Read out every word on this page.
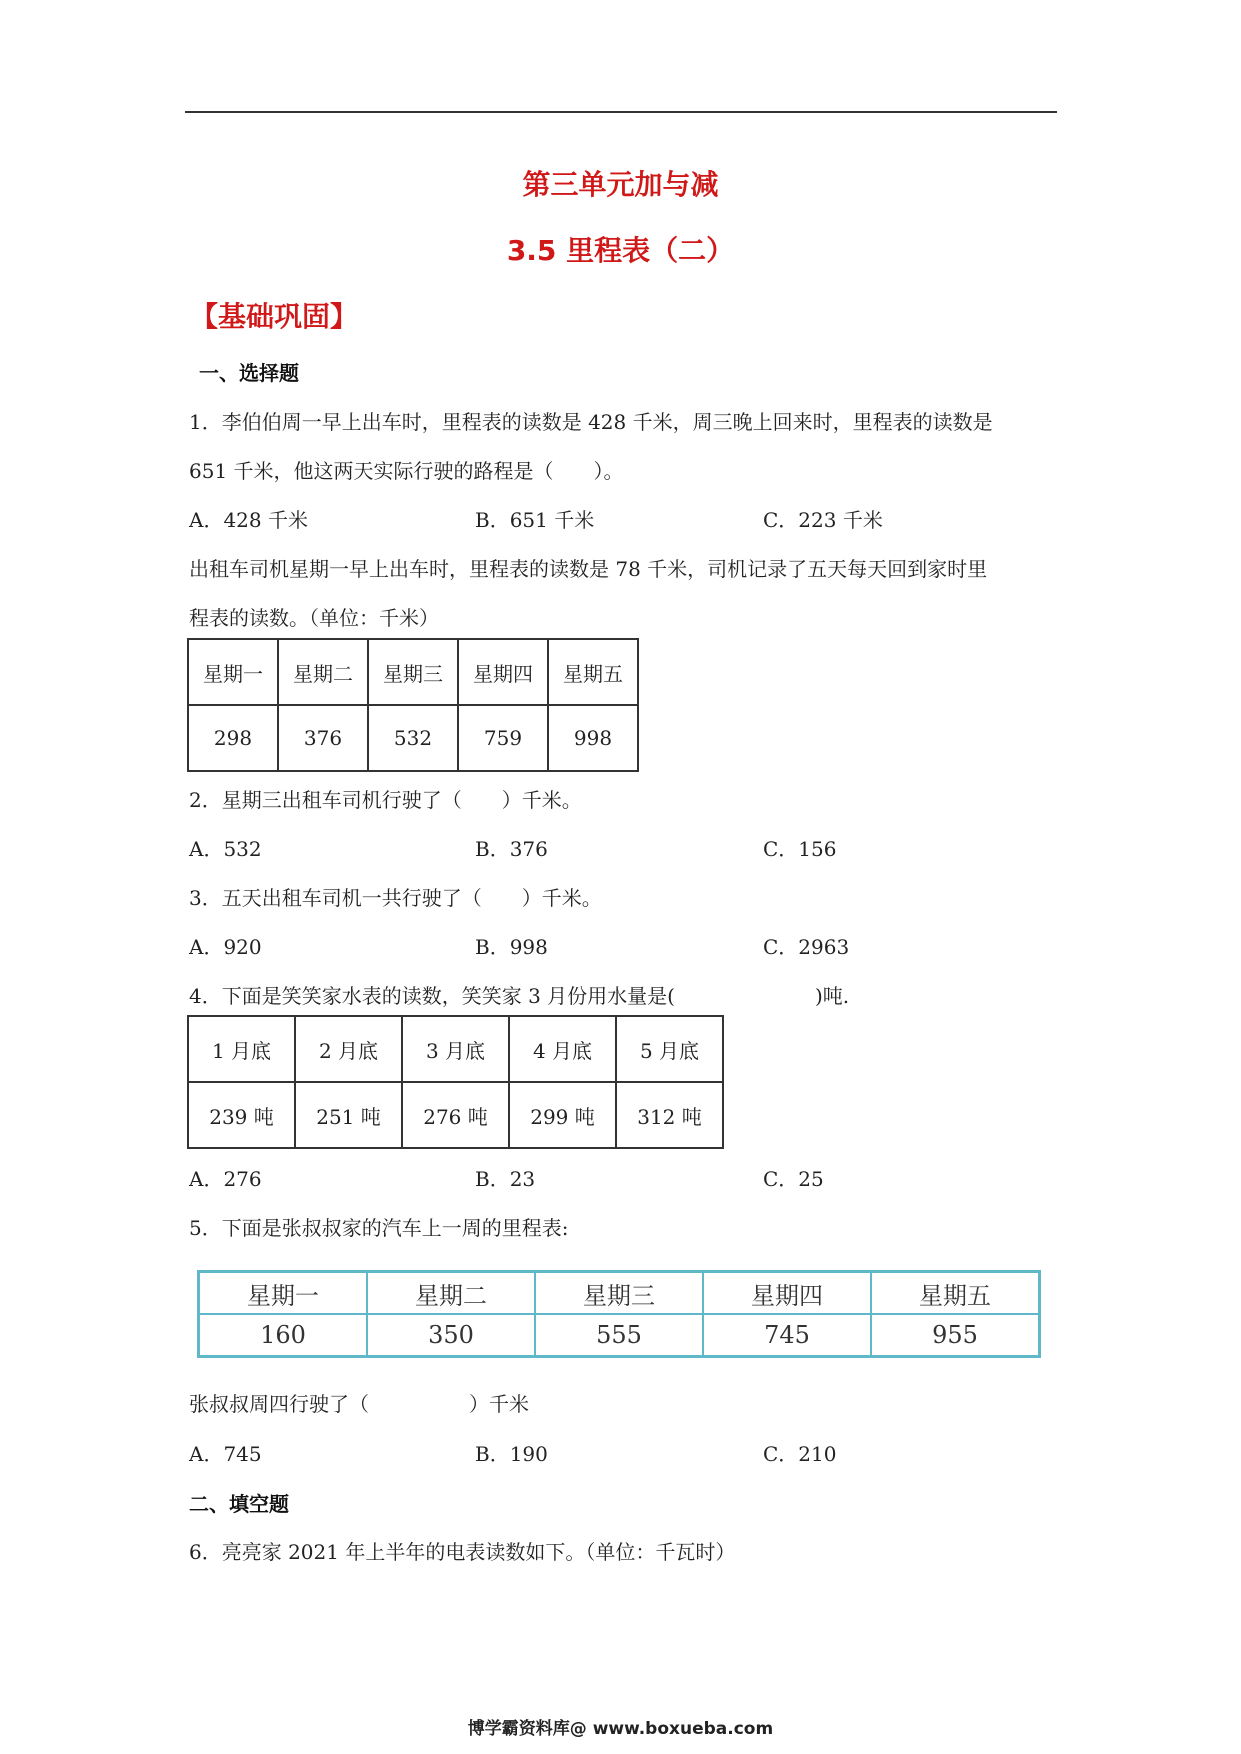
第三单元加与减
3.5 里程表（二）
【基础巩固】
一、选择题
1．李伯伯周一早上出车时，里程表的读数是 428 千米，周三晚上回来时，里程表的读数是
651 千米，他这两天实际行驶的路程是（　　）。
A．428 千米	B．651 千米	C．223 千米
出租车司机星期一早上出车时，里程表的读数是 78 千米，司机记录了五天每天回到家时里
程表的读数。（单位：千米）
星期一	星期二	星期三	星期四	星期五
298	376	532	759	998
2．星期三出租车司机行驶了（　　）千米。
A．532	B．376	C．156
3．五天出租车司机一共行驶了（　　）千米。
A．920	B．998	C．2963
4．下面是笑笑家水表的读数，笑笑家 3 月份用水量是(　　　　　　　)吨.
1 月底	2 月底	3 月底	4 月底	5 月底
239 吨	251 吨	276 吨	299 吨	312 吨
A．276	B．23	C．25
5．下面是张叔叔家的汽车上一周的里程表:
星期一	星期二	星期三	星期四	星期五
160	350	555	745	955
张叔叔周四行驶了（　　　　　）千米
A．745	B．190	C．210
二、填空题
6．亮亮家 2021 年上半年的电表读数如下。（单位：千瓦时）
博学霸资料库@ www.boxueba.com
